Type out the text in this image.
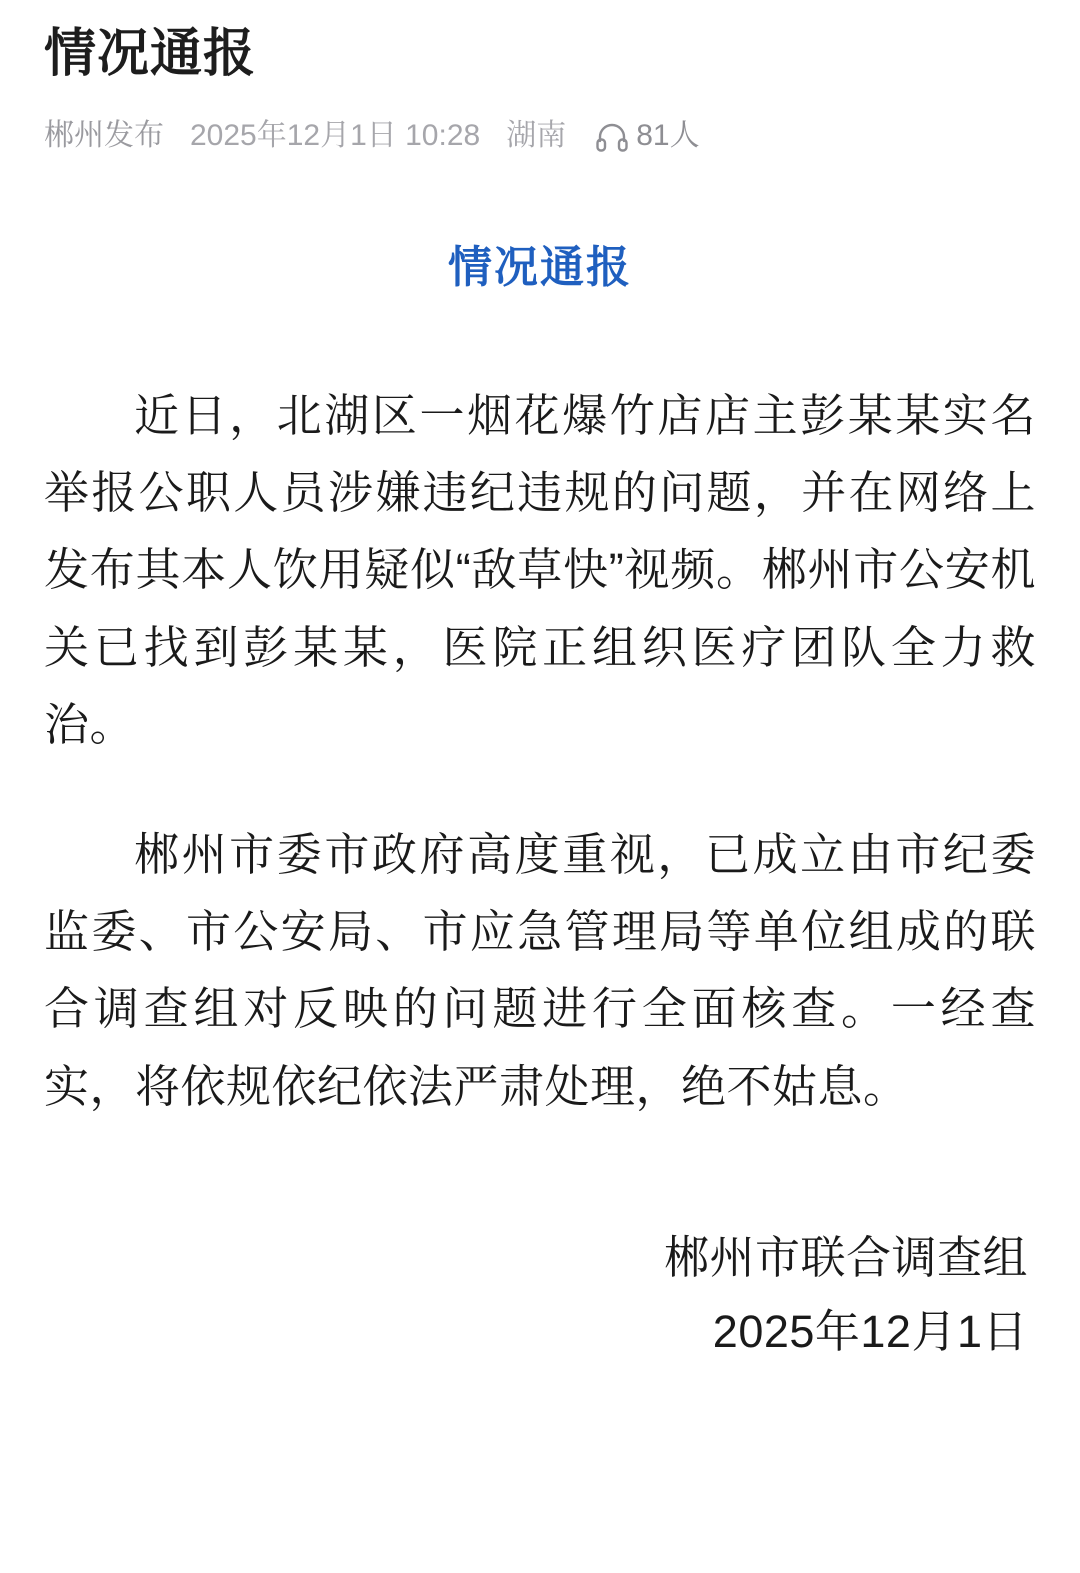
情况通报
郴州发布 2025年12月1日 10:28 湖南 81人
情况通报

近日，北湖区一烟花爆竹店店主彭某某实名举报公职人员涉嫌违纪违规的问题，并在网络上发布其本人饮用疑似“敌草快”视频。郴州市公安机关已找到彭某某，医院正组织医疗团队全力救治。

郴州市委市政府高度重视，已成立由市纪委监委、市公安局、市应急管理局等单位组成的联合调查组对反映的问题进行全面核查。一经查实，将依规依纪依法严肃处理，绝不姑息。

郴州市联合调查组
2025年12月1日
